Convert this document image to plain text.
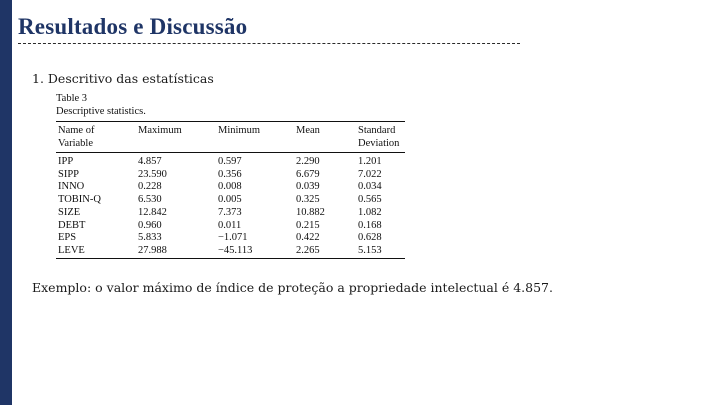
Resultados e Discussão
1. Descritivo das estatísticas
Table 3
Descriptive statistics.
Name of
Variable	Maximum	Minimum	Mean	Standard
Deviation
IPP	4.857	0.597	2.290	1.201
SIPP	23.590	0.356	6.679	7.022
INNO	0.228	0.008	0.039	0.034
TOBIN-Q	6.530	0.005	0.325	0.565
SIZE	12.842	7.373	10.882	1.082
DEBT	0.960	0.011	0.215	0.168
EPS	5.833	−1.071	0.422	0.628
LEVE	27.988	−45.113	2.265	5.153
Exemplo: o valor máximo de índice de proteção a propriedade intelectual é 4.857.
